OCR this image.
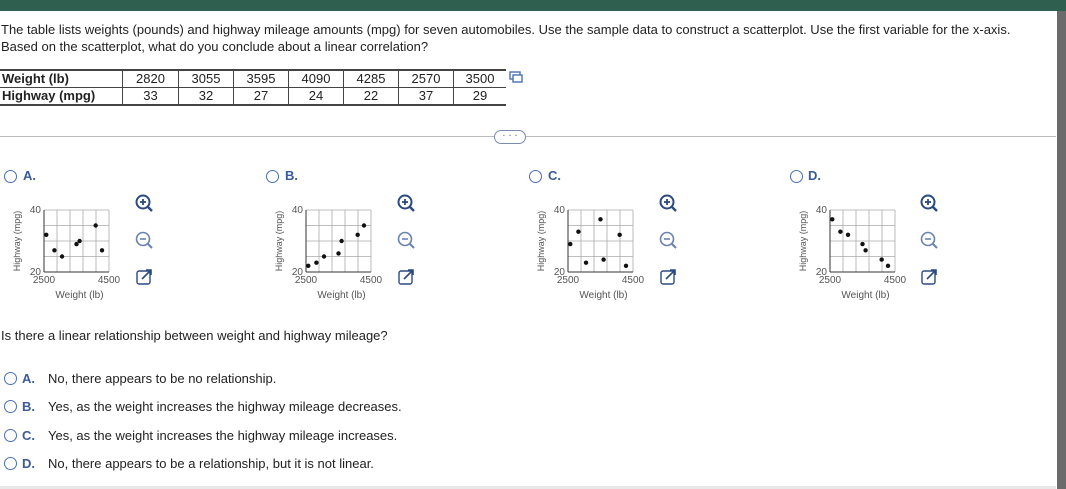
The table lists weights (pounds) and highway mileage amounts (mpg) for seven automobiles. Use the sample data to construct a scatterplot. Use the first variable for the x-axis. Based on the scatterplot, what do you conclude about a linear correlation?
Weight (lb)	2820	3055	3595	4090	4285	2570	3500
Highway (mpg)	33	32	27	24	22	37	29
· · ·
A.
40
20
2500	4500
Weight (lb)
Highway (mpg)
B.
40
20
2500	4500
Weight (lb)
Highway (mpg)
C.
40
20
2500	4500
Weight (lb)
Highway (mpg)
D.
40
20
2500	4500
Weight (lb)
Highway (mpg)
Is there a linear relationship between weight and highway mileage?
A. No, there appears to be no relationship.
B. Yes, as the weight increases the highway mileage decreases.
C. Yes, as the weight increases the highway mileage increases.
D. No, there appears to be a relationship, but it is not linear.
